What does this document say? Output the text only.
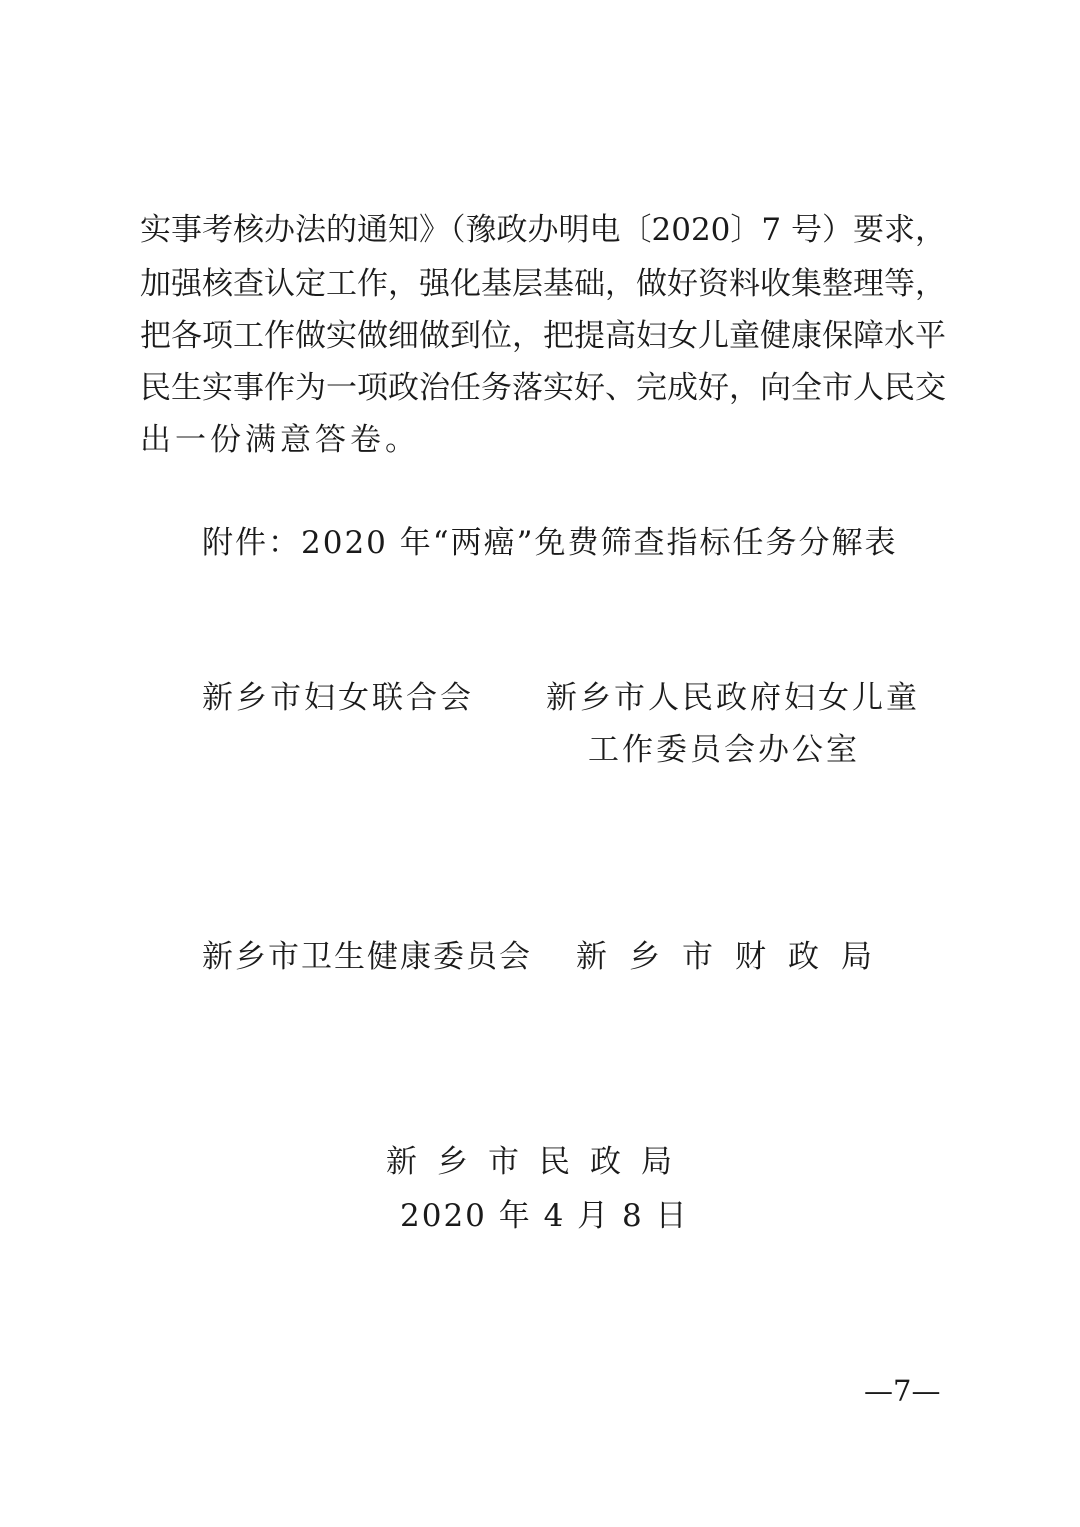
实事考核办法的通知》（豫政办明电〔2020〕7 号）要求，
加强核查认定工作，强化基层基础，做好资料收集整理等，
把各项工作做实做细做到位，把提高妇女儿童健康保障水平
民生实事作为一项政治任务落实好、完成好，向全市人民交
出一份满意答卷。
附件：2020 年“两癌”免费筛查指标任务分解表
新乡市妇女联合会 新乡市人民政府妇女儿童
工作委员会办公室
新乡市卫生健康委员会 新乡市财政局
新乡市民政局
2020 年 4 月 8 日
—7—
